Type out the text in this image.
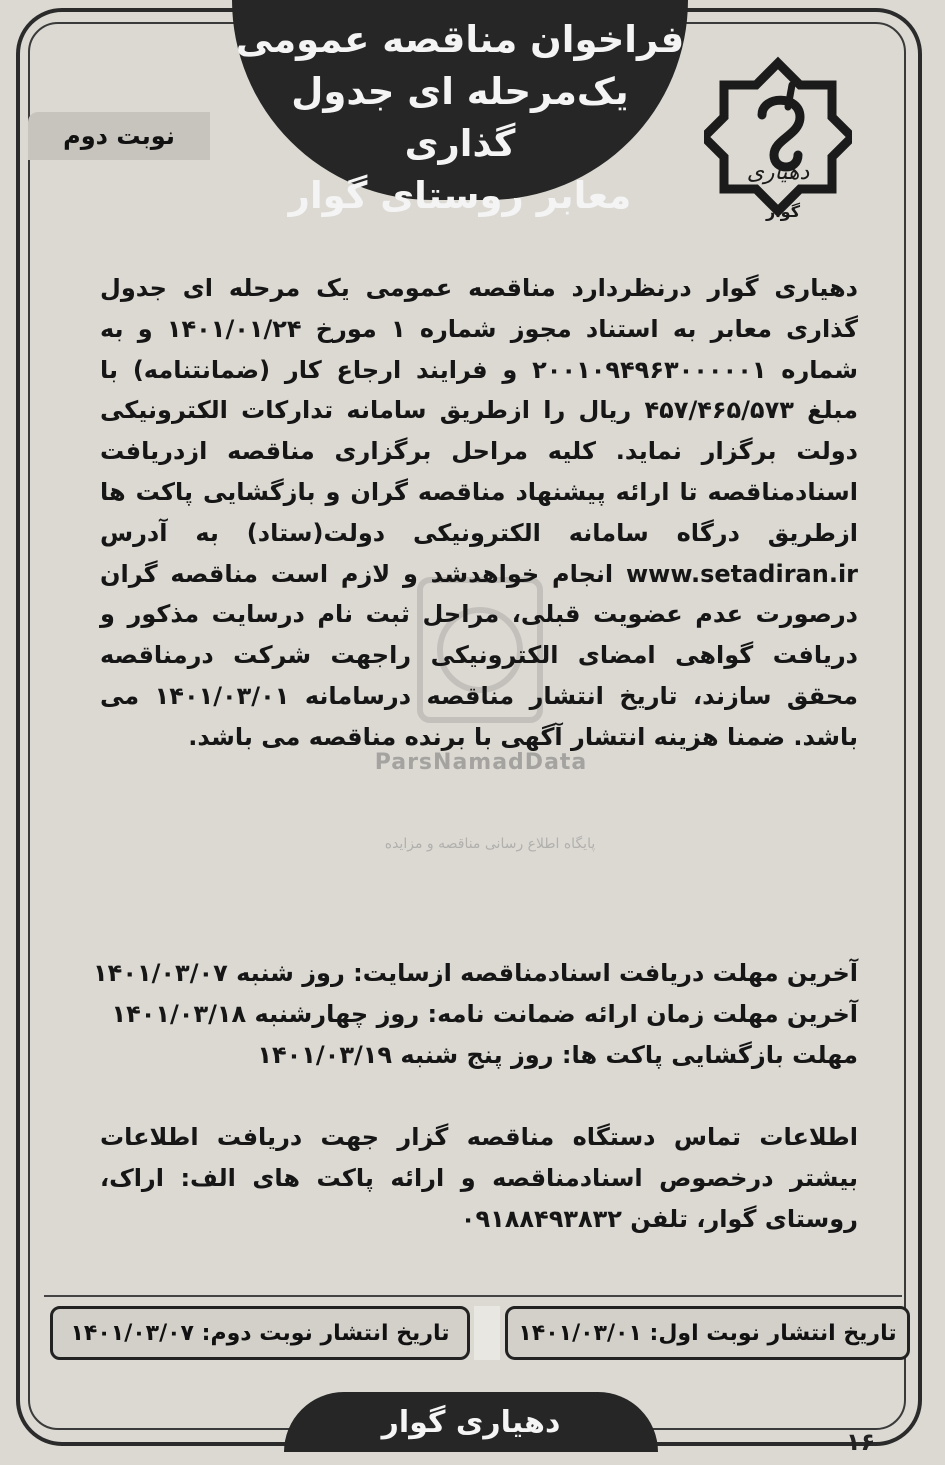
فراخوان مناقصه عمومی
یک‌مرحله ای جدول گذاری
معابر روستای گوار
نوبت دوم
دهیاری
گوار
ParsNamadData
پایگاه اطلاع رسانی مناقصه و مزایده

دهیاری گوار درنظردارد مناقصه عمومی یک مرحله ای جدول گذاری معابر به استناد مجوز شماره ۱ مورخ ۱۴۰۱/۰۱/۲۴ و به شماره ۲۰۰۱۰۹۴۹۶۳۰۰۰۰۰۱ و فرایند ارجاع کار (ضمانتنامه) با مبلغ ۴۵۷/۴۶۵/۵۷۳ ریال را ازطریق سامانه تدارکات الکترونیکی دولت برگزار نماید. کلیه مراحل برگزاری مناقصه ازدریافت اسنادمناقصه تا ارائه پیشنهاد مناقصه گران و بازگشایی پاکت ها ازطریق درگاه سامانه الکترونیکی دولت(ستاد) به آدرس www.setadiran.ir انجام خواهدشد و لازم است مناقصه گران درصورت عدم عضویت قبلی، مراحل ثبت نام درسایت مذکور و دریافت گواهی امضای الکترونیکی راجهت شرکت درمناقصه محقق سازند، تاریخ انتشار مناقصه درسامانه ۱۴۰۱/۰۳/۰۱ می باشد. ضمنا هزینه انتشار آگهی با برنده مناقصه می باشد.

آخرین مهلت دریافت اسنادمناقصه ازسایت: روز شنبه ۱۴۰۱/۰۳/۰۷
آخرین مهلت زمان ارائه ضمانت نامه: روز چهارشنبه ۱۴۰۱/۰۳/۱۸
مهلت بازگشایی پاکت ها: روز پنج شنبه ۱۴۰۱/۰۳/۱۹
اطلاعات تماس دستگاه مناقصه گزار جهت دریافت اطلاعات بیشتر درخصوص اسنادمناقصه و ارائه پاکت های الف: اراک، روستای گوار، تلفن ۰۹۱۸۸۴۹۳۸۳۲
تاریخ انتشار نوبت اول: ۱۴۰۱/۰۳/۰۱
تاریخ انتشار نوبت دوم: ۱۴۰۱/۰۳/۰۷
دهیاری گوار
۱۶
